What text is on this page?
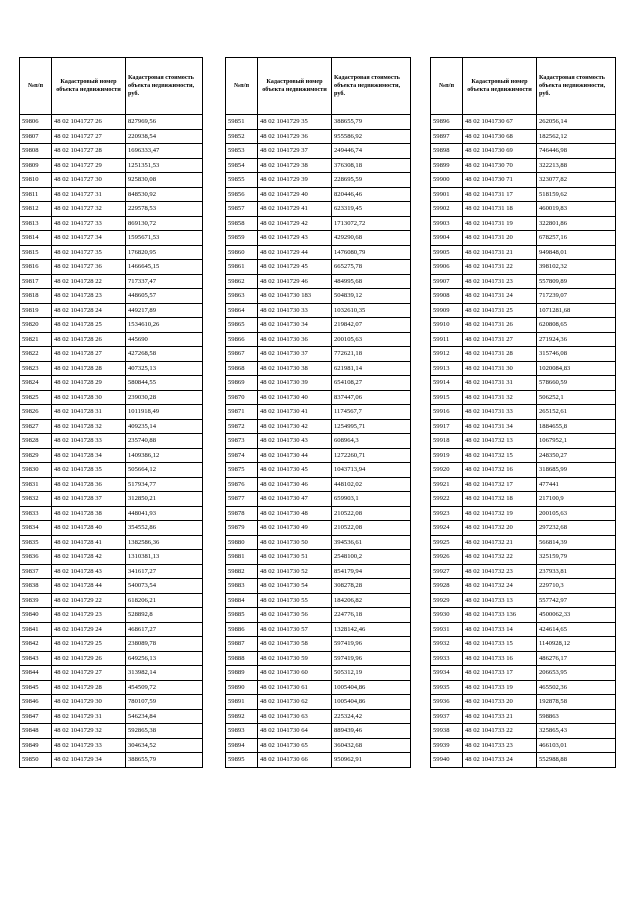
№п/п	Кадастровый номер объекта недвижимости	Кадастровая стоимость объекта недвижимости, руб.
59806	48 02 1041727 26	827969,56
59807	48 02 1041727 27	220938,54
59808	48 02 1041727 28	1696333,47
59809	48 02 1041727 29	1251351,53
59810	48 02 1041727 30	925830,08
59811	48 02 1041727 31	848530,92
59812	48 02 1041727 32	229578,53
59813	48 02 1041727 33	869130,72
59814	48 02 1041727 34	1595671,53
59815	48 02 1041727 35	176820,95
59816	48 02 1041727 36	1466645,15
59817	48 02 1041728 22	717337,47
59818	48 02 1041728 23	448605,57
59819	48 02 1041728 24	449217,89
59820	48 02 1041728 25	1534610,26
59821	48 02 1041728 26	445690
59822	48 02 1041728 27	427268,58
59823	48 02 1041728 28	407325,13
59824	48 02 1041728 29	580844,55
59825	48 02 1041728 30	239030,28
59826	48 02 1041728 31	1011918,49
59827	48 02 1041728 32	409235,14
59828	48 02 1041728 33	235740,88
59829	48 02 1041728 34	1409386,12
59830	48 02 1041728 35	505664,12
59831	48 02 1041728 36	517934,77
59832	48 02 1041728 37	312850,21
59833	48 02 1041728 38	448041,93
59834	48 02 1041728 40	354552,86
59835	48 02 1041728 41	1382586,36
59836	48 02 1041728 42	1310381,13
59837	48 02 1041728 43	341617,27
59838	48 02 1041728 44	540073,54
59839	48 02 1041729 22	618206,21
59840	48 02 1041729 23	528892,8
59841	48 02 1041729 24	468617,27
59842	48 02 1041729 25	238089,78
59843	48 02 1041729 26	649256,13
59844	48 02 1041729 27	313982,14
59845	48 02 1041729 28	454509,72
59846	48 02 1041729 30	780107,59
59847	48 02 1041729 31	546234,84
59848	48 02 1041729 32	592865,38
59849	48 02 1041729 33	304634,52
59850	48 02 1041729 34	388655,79
№п/п	Кадастровый номер объекта недвижимости	Кадастровая стоимость объекта недвижимости, руб.
59851	48 02 1041729 35	388655,79
59852	48 02 1041729 36	955586,92
59853	48 02 1041729 37	249446,74
59854	48 02 1041729 38	376308,18
59855	48 02 1041729 39	228695,59
59856	48 02 1041729 40	820446,46
59857	48 02 1041729 41	623319,45
59858	48 02 1041729 42	1713072,72
59859	48 02 1041729 43	429290,68
59860	48 02 1041729 44	1476080,79
59861	48 02 1041729 45	665275,78
59862	48 02 1041729 46	484995,68
59863	48 02 1041730 183	504839,12
59864	48 02 1041730 33	1032610,35
59865	48 02 1041730 34	219842,07
59866	48 02 1041730 36	200105,63
59867	48 02 1041730 37	772621,18
59868	48 02 1041730 38	621981,14
59869	48 02 1041730 39	654108,27
59870	48 02 1041730 40	837447,06
59871	48 02 1041730 41	1174567,7
59872	48 02 1041730 42	1254995,71
59873	48 02 1041730 43	608964,3
59874	48 02 1041730 44	1272260,71
59875	48 02 1041730 45	1043713,94
59876	48 02 1041730 46	448102,02
59877	48 02 1041730 47	659903,1
59878	48 02 1041730 48	210522,08
59879	48 02 1041730 49	210522,08
59880	48 02 1041730 50	394536,61
59881	48 02 1041730 51	2548100,2
59882	48 02 1041730 52	854179,94
59883	48 02 1041730 54	308278,28
59884	48 02 1041730 55	184206,82
59885	48 02 1041730 56	224776,18
59886	48 02 1041730 57	1328142,46
59887	48 02 1041730 58	597419,96
59888	48 02 1041730 59	597419,96
59889	48 02 1041730 60	505312,19
59890	48 02 1041730 61	1005404,86
59891	48 02 1041730 62	1005404,86
59892	48 02 1041730 63	225324,42
59893	48 02 1041730 64	889439,46
59894	48 02 1041730 65	360432,68
59895	48 02 1041730 66	950962,91
№п/п	Кадастровый номер объекта недвижимости	Кадастровая стоимость объекта недвижимости, руб.
59896	48 02 1041730 67	262056,14
59897	48 02 1041730 68	182562,12
59898	48 02 1041730 69	746446,98
59899	48 02 1041730 70	322213,88
59900	48 02 1041730 71	323077,82
59901	48 02 1041731 17	518159,62
59902	48 02 1041731 18	460019,83
59903	48 02 1041731 19	322801,86
59904	48 02 1041731 20	678257,16
59905	48 02 1041731 21	949848,01
59906	48 02 1041731 22	398102,32
59907	48 02 1041731 23	557809,89
59908	48 02 1041731 24	717239,07
59909	48 02 1041731 25	1071281,68
59910	48 02 1041731 26	620808,65
59911	48 02 1041731 27	271924,36
59912	48 02 1041731 28	315746,08
59913	48 02 1041731 30	1020084,83
59914	48 02 1041731 31	578660,59
59915	48 02 1041731 32	506252,1
59916	48 02 1041731 33	265152,61
59917	48 02 1041731 34	1884655,8
59918	48 02 1041732 13	1067952,1
59919	48 02 1041732 15	248350,27
59920	48 02 1041732 16	318685,99
59921	48 02 1041732 17	477441
59922	48 02 1041732 18	217100,9
59923	48 02 1041732 19	200105,63
59924	48 02 1041732 20	297232,68
59925	48 02 1041732 21	566814,39
59926	48 02 1041732 22	325159,79
59927	48 02 1041732 23	237933,81
59928	48 02 1041732 24	229710,3
59929	48 02 1041733 13	557742,97
59930	48 02 1041733 136	4500062,33
59931	48 02 1041733 14	424614,65
59932	48 02 1041733 15	1140928,12
59933	48 02 1041733 16	486276,17
59934	48 02 1041733 17	206653,95
59935	48 02 1041733 19	465502,36
59936	48 02 1041733 20	192878,58
59937	48 02 1041733 21	598863
59938	48 02 1041733 22	325865,43
59939	48 02 1041733 23	466103,01
59940	48 02 1041733 24	552988,88
